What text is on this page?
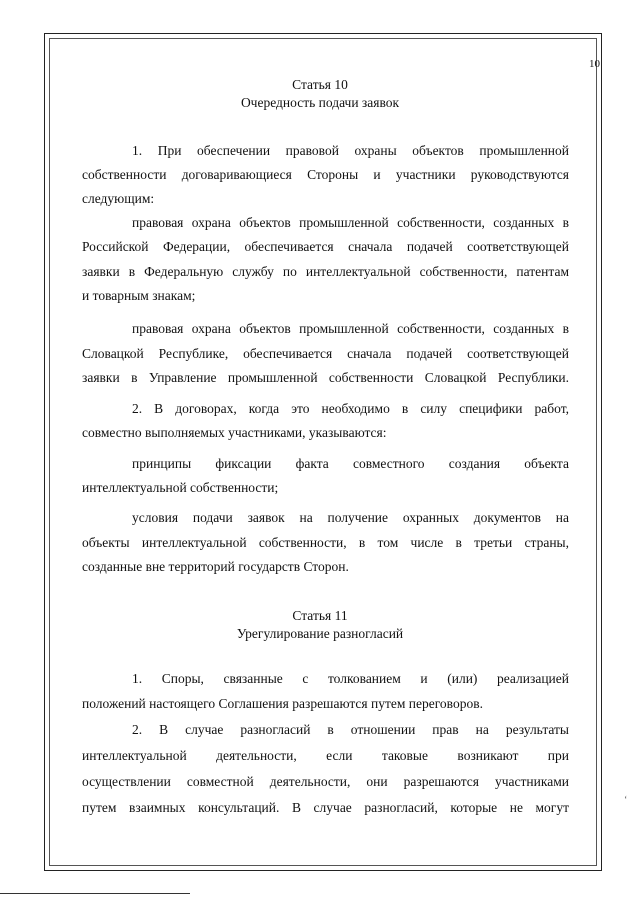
10
Статья 10
Очередность подачи заявок
1. При обеспечении правовой охраны объектов промышленной
собственности договаривающиеся Стороны и участники руководствуются
следующим:
правовая охрана объектов промышленной собственности, созданных в
Российской Федерации, обеспечивается сначала подачей соответствующей
заявки в Федеральную службу по интеллектуальной собственности, патентам
и товарным знакам;
правовая охрана объектов промышленной собственности, созданных в
Словацкой Республике, обеспечивается сначала подачей соответствующей
заявки в Управление промышленной собственности Словацкой Республики.
2. В договорах, когда это необходимо в силу специфики работ,
совместно выполняемых участниками, указываются:
принципы фиксации факта совместного создания объекта
интеллектуальной собственности;
условия подачи заявок на получение охранных документов на
объекты интеллектуальной собственности, в том числе в третьи страны,
созданные вне территорий государств Сторон.
Статья 11
Урегулирование разногласий
1. Споры, связанные с толкованием и (или) реализацией
положений настоящего Соглашения разрешаются путем переговоров.
2. В случае разногласий в отношении прав на результаты
интеллектуальной деятельности, если таковые возникают при
осуществлении совместной деятельности, они разрешаются участниками
путем взаимных консультаций. В случае разногласий, которые не могут	‘
